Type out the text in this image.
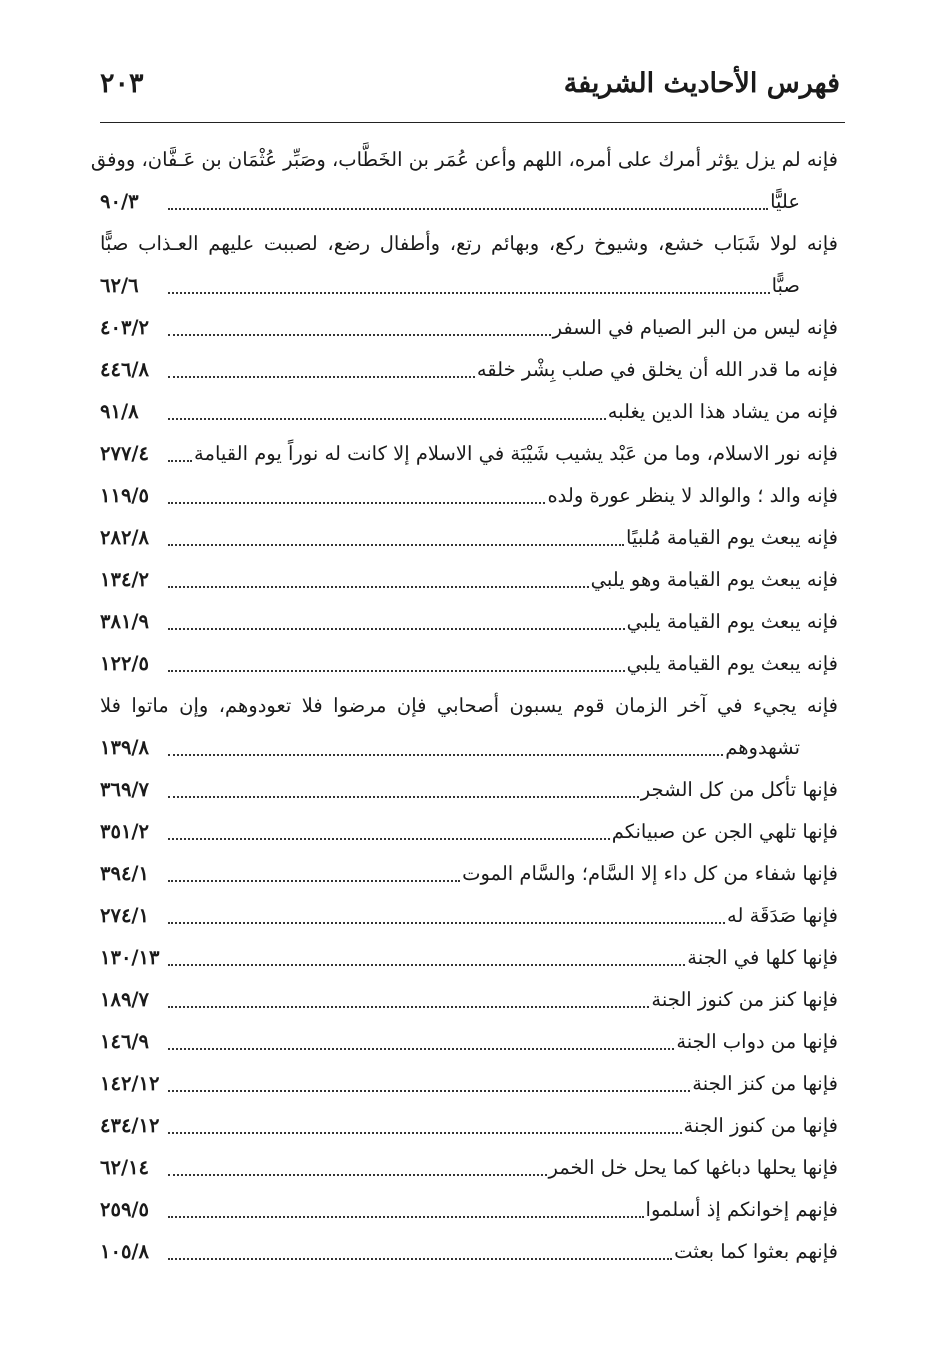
فهرس الأحاديث الشريفة
٢٠٣
فإنه لم يزل يؤثر أمرك على أمره، اللهم وأعن عُمَر بن الخَطَّاب، وصَبِّر عُثْمَان بن عَـفَّان، ووفق
عليًّا
٩٠/٣
فإنه لولا شَبَاب خشع، وشيوخ ركع، وبهائم رتع، وأطفال رضع، لصببت عليهم العـذاب صبًّا
صبًّا
٦٢/٦
فإنه ليس من البر الصيام في السفر
٤٠٣/٢
فإنه ما قدر الله أن يخلق في صلب بِشْر خلقه
٤٤٦/٨
فإنه من يشاد هذا الدين يغلبه
٩١/٨
فإنه نور الاسلام، وما من عَبْد يشيب شَيْبَة في الاسلام إلا كانت له نوراً يوم القيامة
٢٧٧/٤
فإنه والد ؛ والوالد لا ينظر عورة ولده
١١٩/٥
فإنه يبعث يوم القيامة مُلبيًا
٢٨٢/٨
فإنه يبعث يوم القيامة وهو يلبي
١٣٤/٢
فإنه يبعث يوم القيامة يلبي
٣٨١/٩
فإنه يبعث يوم القيامة يلبي
١٢٢/٥
فإنه يجيء في آخر الزمان قوم يسبون أصحابي فإن مرضوا فلا تعودوهم، وإن ماتوا فلا
تشهدوهم
١٣٩/٨
فإنها تأكل من كل الشجر
٣٦٩/٧
فإنها تلهي الجن عن صبيانكم
٣٥١/٢
فإنها شفاء من كل داء إلا السَّام؛ والسَّام الموت
٣٩٤/١
فإنها صَدَقَة له
٢٧٤/١
فإنها كلها في الجنة
١٣٠/١٣
فإنها كنز من كنوز الجنة
١٨٩/٧
فإنها من دواب الجنة
١٤٦/٩
فإنها من كنز الجنة
١٤٢/١٢
فإنها من كنوز الجنة
٤٣٤/١٢
فإنها يحلها دباغها كما يحل خل الخمر
٦٢/١٤
فإنهم إخوانكم إذ أسلموا
٢٥٩/٥
فإنهم بعثوا كما بعثت
١٠٥/٨
